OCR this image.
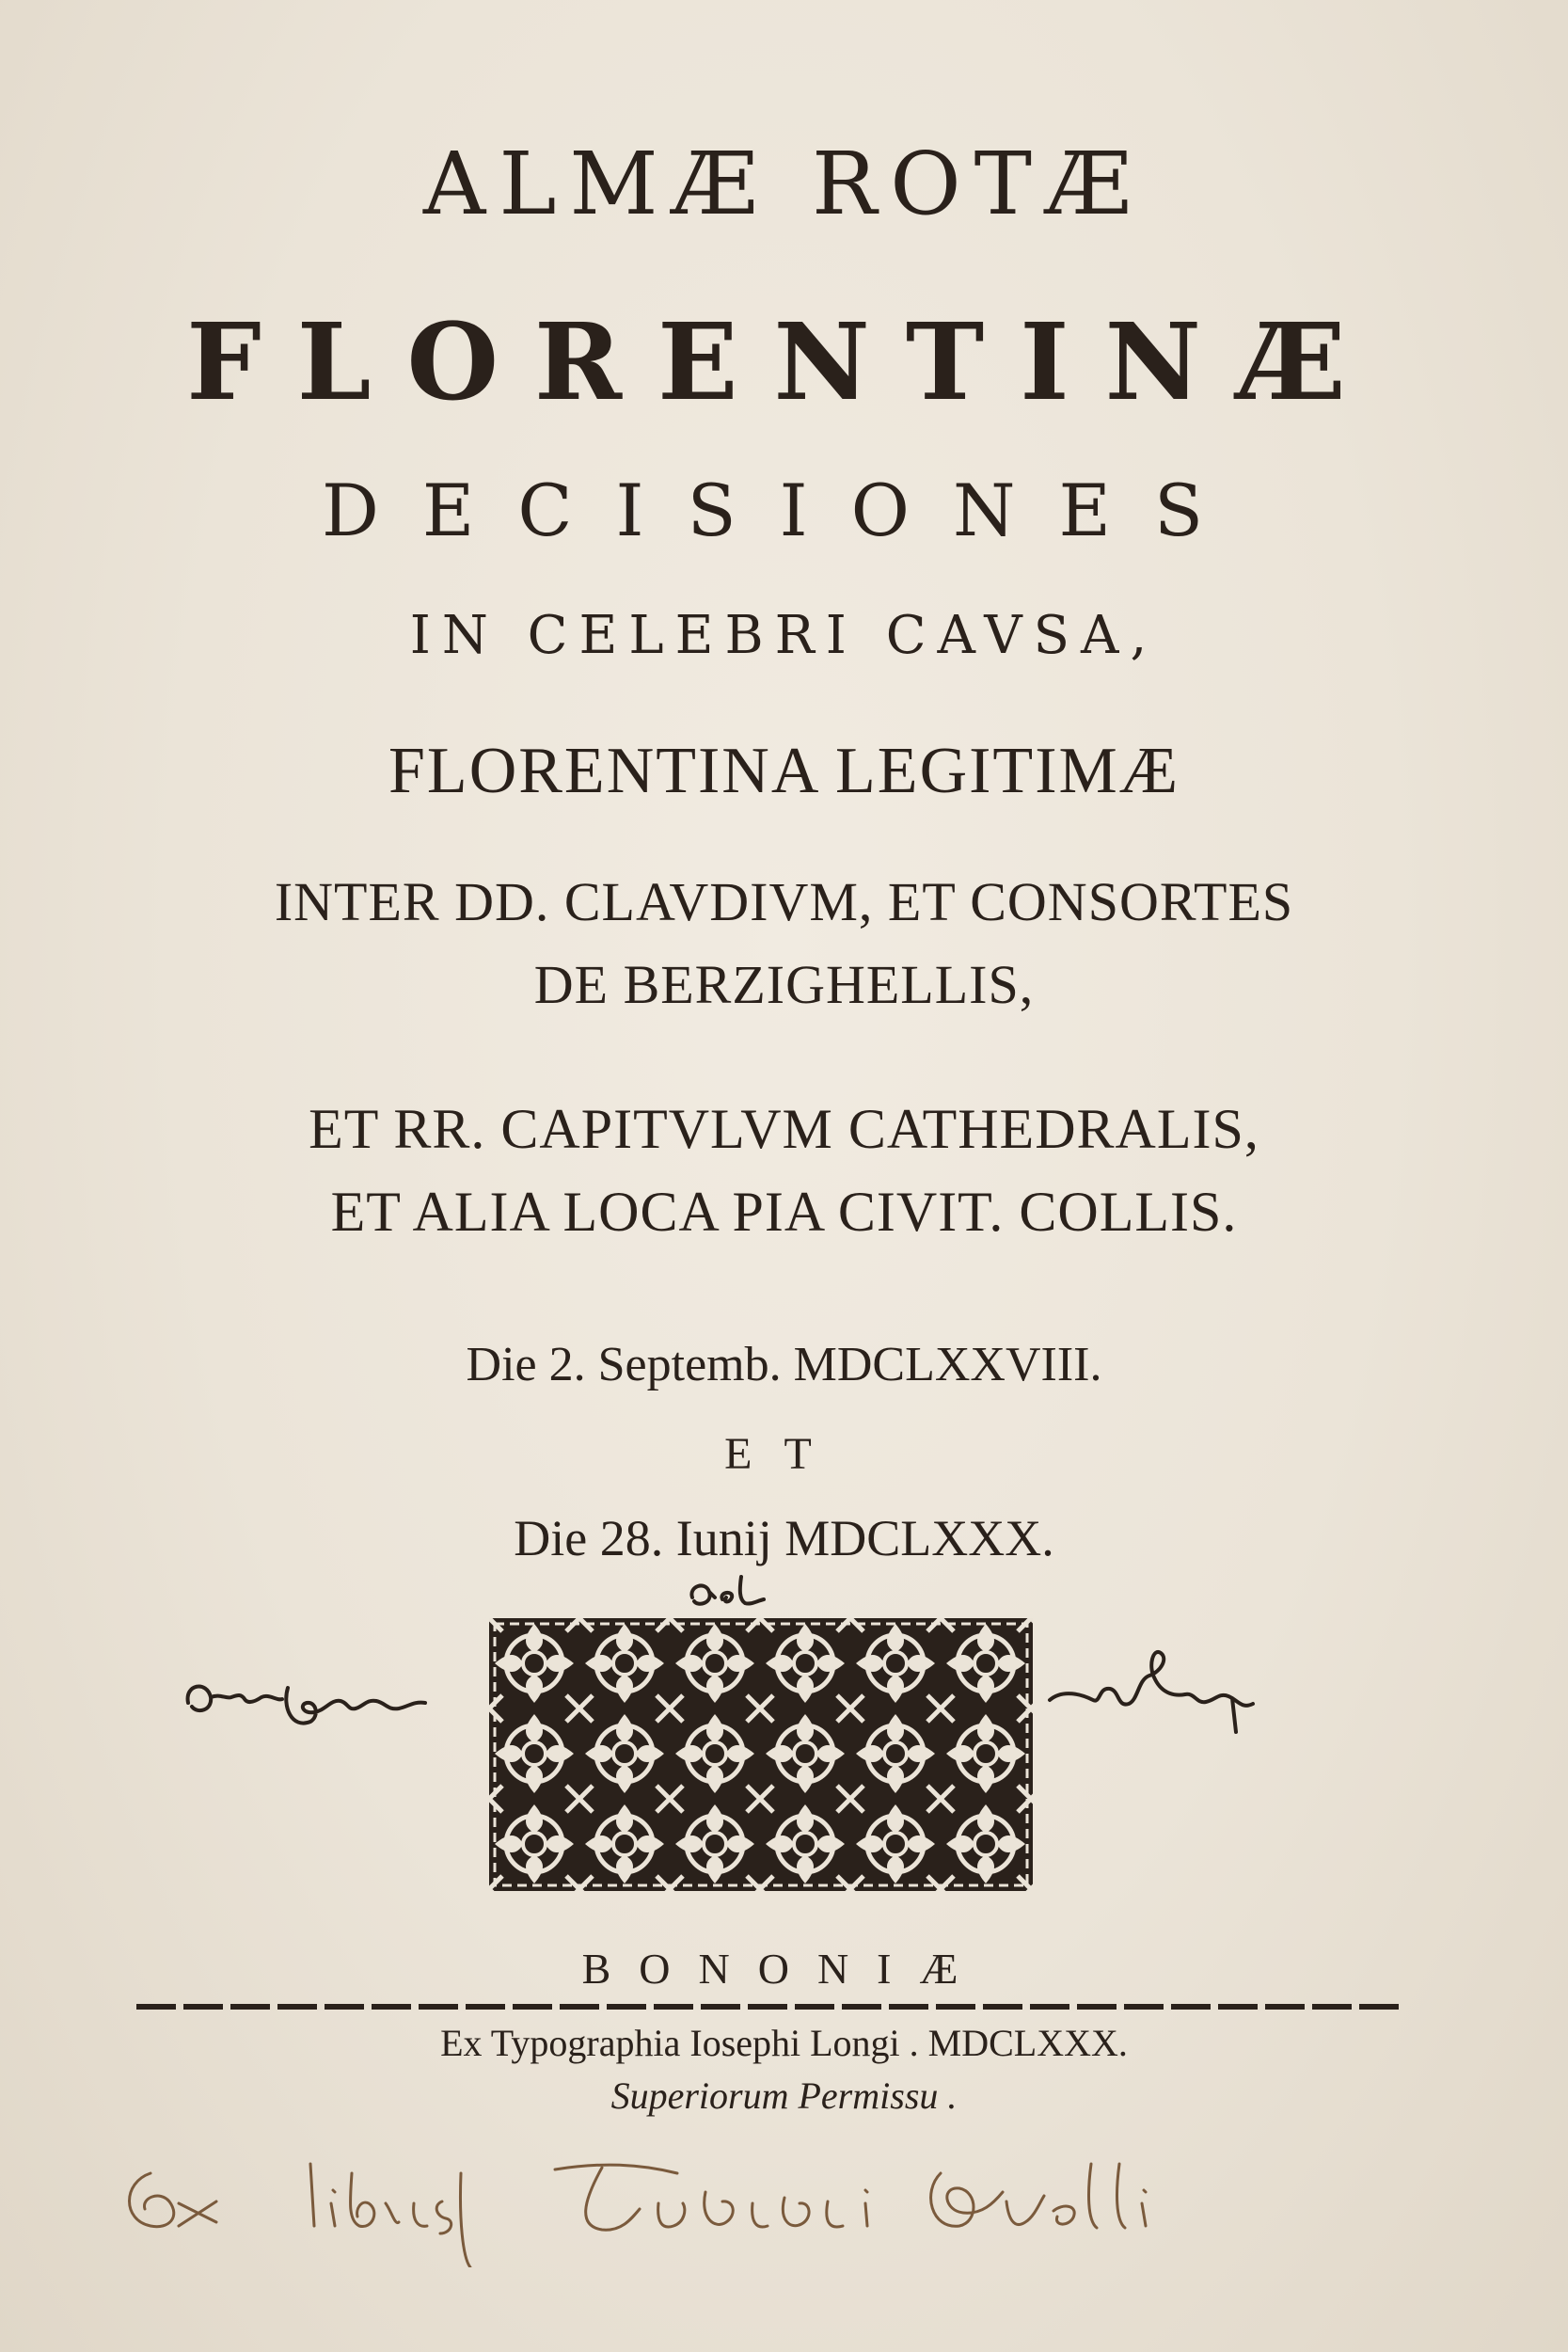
ALMÆ ROTÆ
FLORENTINÆ
DECISIONES
IN CELEBRI CAVSA,
FLORENTINA LEGITIMÆ
INTER DD. CLAVDIVM, ET CONSORTES
DE BERZIGHELLIS,
ET RR. CAPITVLVM CATHEDRALIS,
ET ALIA LOCA PIA CIVIT. COLLIS.
Die 2. Septemb. MDCLXXVIII.
ET
Die 28. Iunij MDCLXXX.
BONONIÆ
Ex Typographia Iosephi Longi . MDCLXXX.
Superiorum Permissu .
